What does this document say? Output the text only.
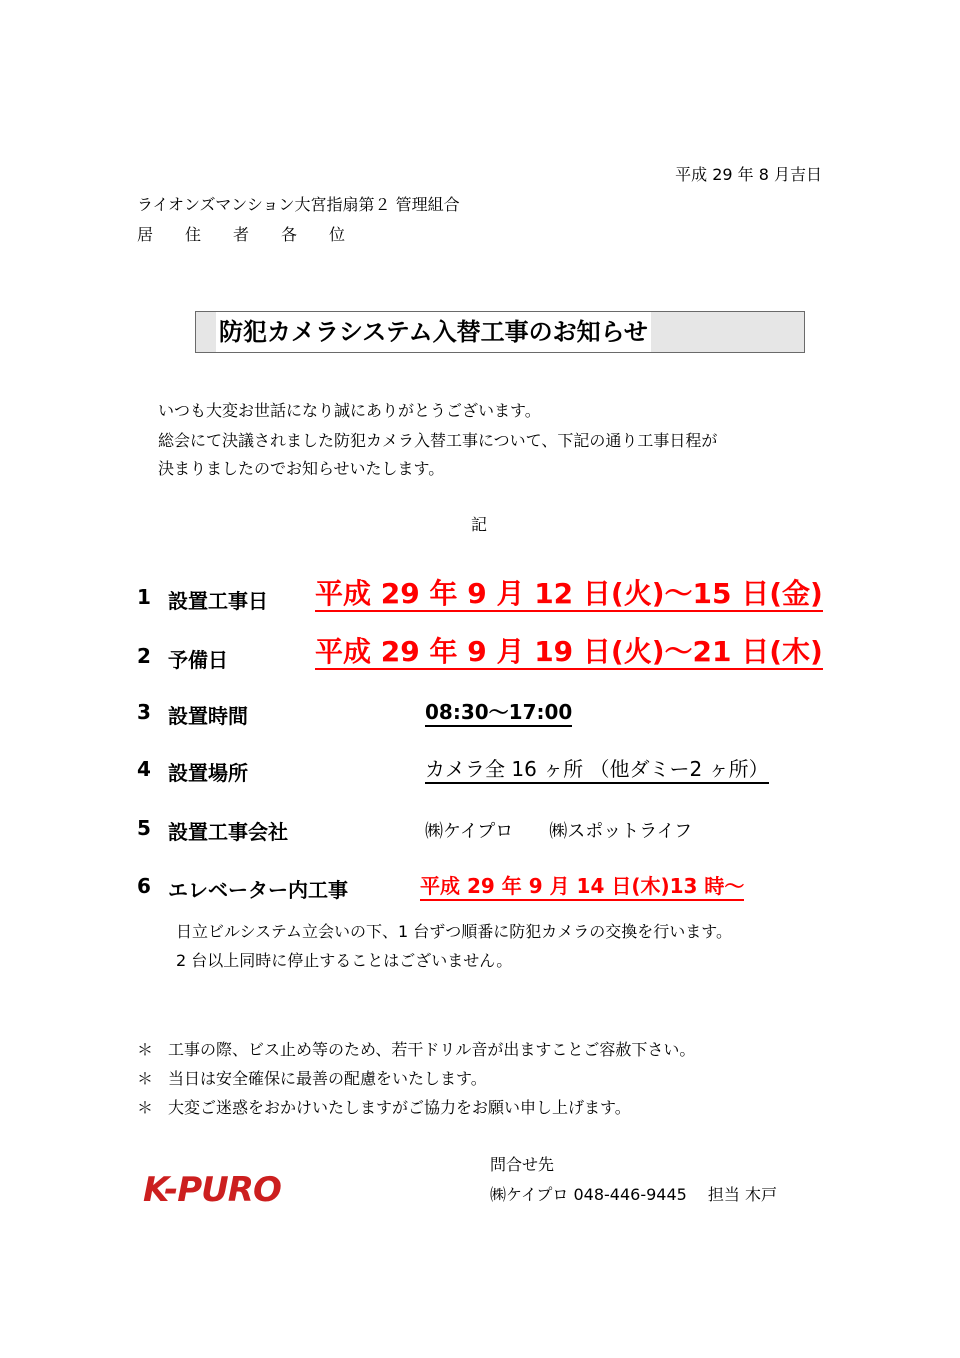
平成 29 年 8 月吉日
ライオンズマンション大宮指扇第２ 管理組合
居住者各位
防犯カメラシステム入替工事のお知らせ
いつも大変お世話になり誠にありがとうございます。
総会にて決議されました防犯カメラ入替工事について、下記の通り工事日程が
決まりましたのでお知らせいたします。
記
1 設置工事日 平成 29 年 9 月 12 日(火)～15 日(金)
2 予備日	平成 29 年 9 月 19 日(火)～21 日(木)
3 設置時間	08:30～17:00
4 設置場所	カメラ全 16 ヶ所 （他ダミー2 ヶ所）
5 設置工事会社	㈱ケイプロ　　㈱スポットライフ
6 エレベーター内工事	平成 29 年 9 月 14 日(木)13 時～
日立ビルシステム立会いの下、1 台ずつ順番に防犯カメラの交換を行います。
2 台以上同時に停止することはございません。
＊ 工事の際、ビス止め等のため、若干ドリル音が出ますことご容赦下さい。
＊ 当日は安全確保に最善の配慮をいたします。
＊ 大変ご迷惑をおかけいたしますがご協力をお願い申し上げます。
問合せ先
㈱ケイプロ 048-446-9445 　担当 木戸
K-PURO
